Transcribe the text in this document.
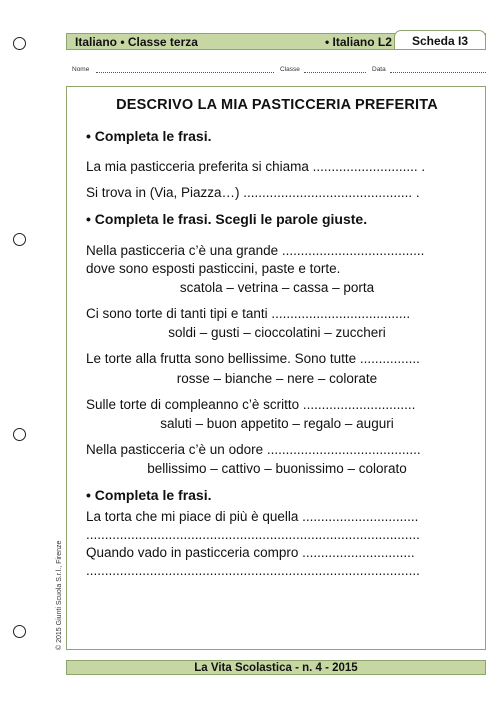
Italiano • Classe terza	• Italiano L2	Scheda I3
Nome	Classe	Data
DESCRIVO LA MIA PASTICCERIA PREFERITA
• Completa le frasi.
La mia pasticceria preferita si chiama ............................ .
Si trova in (Via, Piazza…) ............................................. .
• Completa le frasi. Scegli le parole giuste.
Nella pasticceria c’è una grande ......................................
dove sono esposti pasticcini, paste e torte.
scatola – vetrina – cassa – porta
Ci sono torte di tanti tipi e tanti .....................................
soldi – gusti – cioccolatini – zuccheri
Le torte alla frutta sono bellissime. Sono tutte ................
rosse – bianche – nere – colorate
Sulle torte di compleanno c’è scritto ..............................
saluti – buon appetito – regalo – auguri
Nella pasticceria c’è un odore .........................................
bellissimo – cattivo – buonissimo – colorato
• Completa le frasi.
La torta che mi piace di più è quella ...............................
.........................................................................................
Quando vado in pasticceria compro ..............................
.........................................................................................
© 2015 Giunti Scuola S.r.l., Firenze
La Vita Scolastica - n. 4 - 2015
